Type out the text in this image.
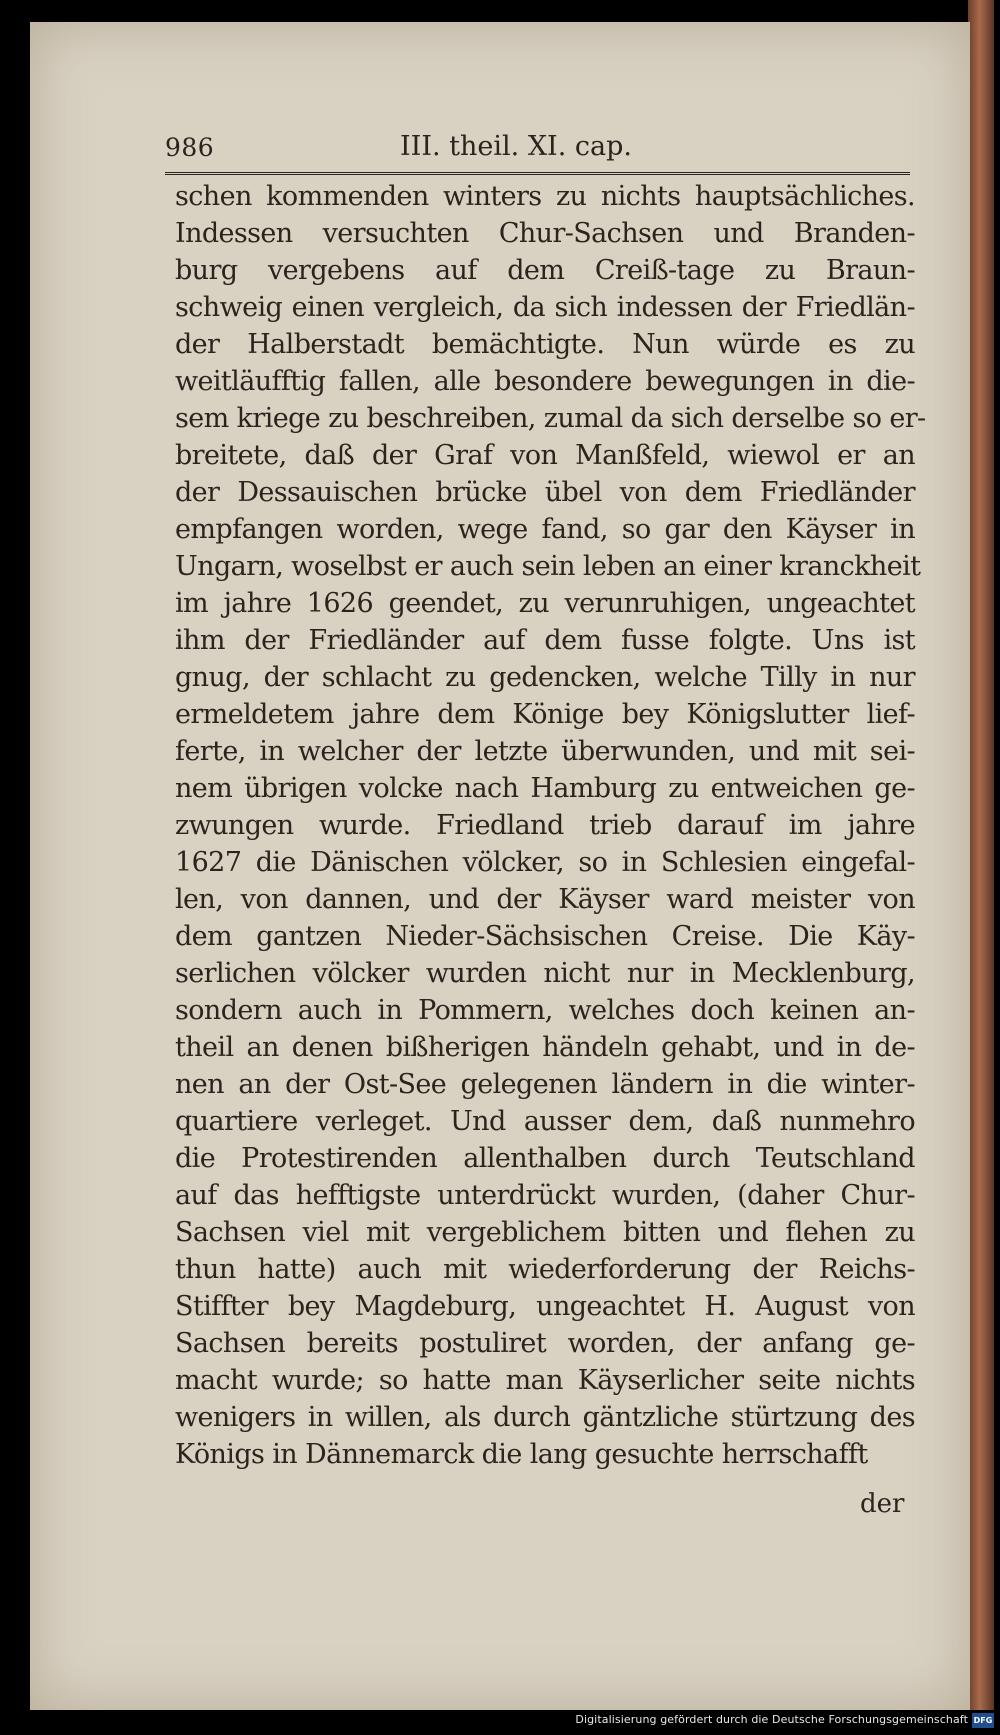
986	III. theil. XI. cap.
schen kommenden winters zu nichts hauptsächliches.
Indessen versuchten Chur-Sachsen und Branden-
burg vergebens auf dem Creiß-tage zu Braun-
schweig einen vergleich, da sich indessen der Friedlän-
der Halberstadt bemächtigte. Nun würde es zu
weitläufftig fallen, alle besondere bewegungen in die-
sem kriege zu beschreiben, zumal da sich derselbe so er-
breitete, daß der Graf von Manßfeld, wiewol er an
der Dessauischen brücke übel von dem Friedländer
empfangen worden, wege fand, so gar den Käyser in
Ungarn, woselbst er auch sein leben an einer kranckheit
im jahre 1626 geendet, zu verunruhigen, ungeachtet
ihm der Friedländer auf dem fusse folgte. Uns ist
gnug, der schlacht zu gedencken, welche Tilly in nur
ermeldetem jahre dem Könige bey Königslutter lief-
ferte, in welcher der letzte überwunden, und mit sei-
nem übrigen volcke nach Hamburg zu entweichen ge-
zwungen wurde. Friedland trieb darauf im jahre
1627 die Dänischen völcker, so in Schlesien eingefal-
len, von dannen, und der Käyser ward meister von
dem gantzen Nieder-Sächsischen Creise. Die Käy-
serlichen völcker wurden nicht nur in Mecklenburg,
sondern auch in Pommern, welches doch keinen an-
theil an denen bißherigen händeln gehabt, und in de-
nen an der Ost-See gelegenen ländern in die winter-
quartiere verleget. Und ausser dem, daß nunmehro
die Protestirenden allenthalben durch Teutschland
auf das hefftigste unterdrückt wurden, (daher Chur-
Sachsen viel mit vergeblichem bitten und flehen zu
thun hatte) auch mit wiederforderung der Reichs-
Stiffter bey Magdeburg, ungeachtet H. August von
Sachsen bereits postuliret worden, der anfang ge-
macht wurde; so hatte man Käyserlicher seite nichts
wenigers in willen, als durch gäntzliche stürtzung des
Königs in Dännemarck die lang gesuchte herrschafft
der
Digitalisierung gefördert durch die Deutsche Forschungsgemeinschaft DFG
